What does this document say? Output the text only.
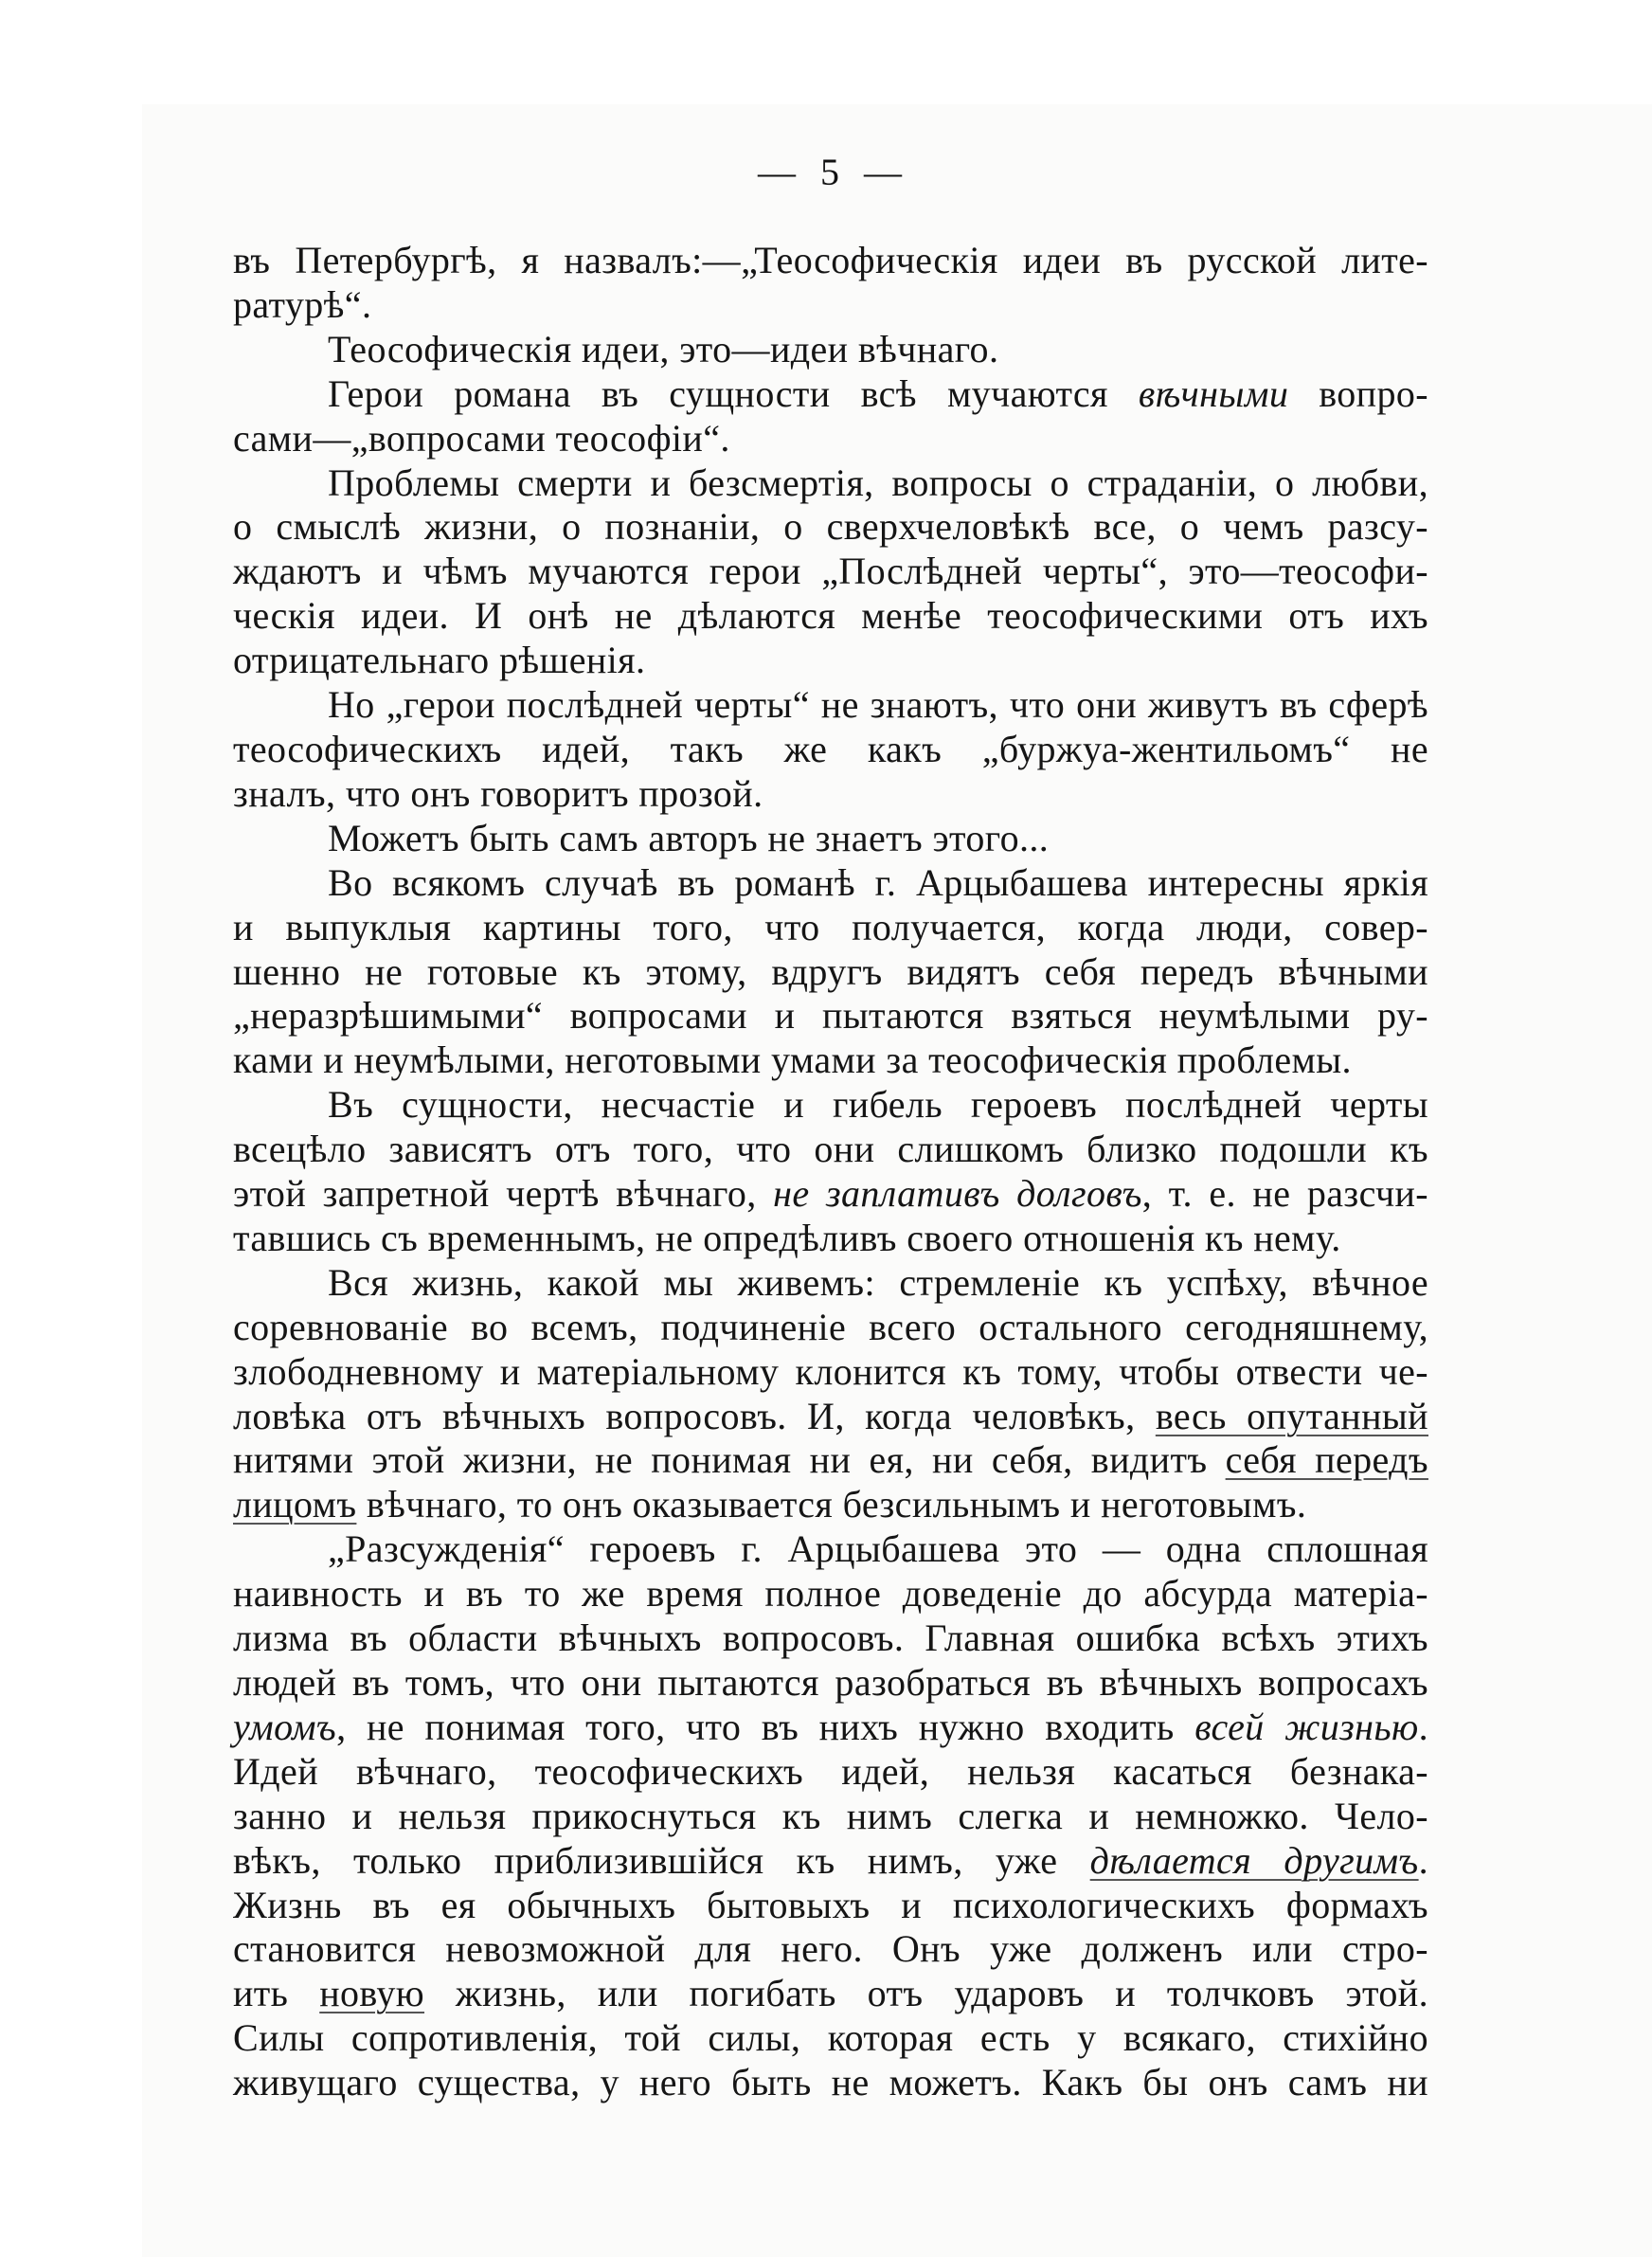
— 5 —

въ Петербургѣ, я назвалъ:—„Теософическія идеи въ русской лите-

ратурѣ“.

Теософическія идеи, это—идеи вѣчнаго.

Герои романа въ сущности всѣ мучаются вѣчными вопро-

сами—„вопросами теософіи“.

Проблемы смерти и безсмертія, вопросы о страданіи, о любви,

о смыслѣ жизни, о познаніи, о сверхчеловѣкѣ все, о чемъ разсу-

ждаютъ и чѣмъ мучаются герои „Послѣдней черты“, это—теософи-

ческія идеи. И онѣ не дѣлаются менѣе теософическими отъ ихъ

отрицательнаго рѣшенія.

Но „герои послѣдней черты“ не знаютъ, что они живутъ въ сферѣ

теософическихъ идей, такъ же какъ „буржуа-жентильомъ“ не

зналъ, что онъ говоритъ прозой.

Можетъ быть самъ авторъ не знаетъ этого...

Во всякомъ случаѣ въ романѣ г. Арцыбашева интересны яркія

и выпуклыя картины того, что получается, когда люди, совер-

шенно не готовые къ этому, вдругъ видятъ себя передъ вѣчными

„неразрѣшимыми“ вопросами и пытаются взяться неумѣлыми ру-

ками и неумѣлыми, неготовыми умами за теософическія проблемы.

Въ сущности, несчастіе и гибель героевъ послѣдней черты

всецѣло зависятъ отъ того, что они слишкомъ близко подошли къ

этой запретной чертѣ вѣчнаго, не заплативъ долговъ, т. е. не разсчи-

тавшись съ временнымъ, не опредѣливъ своего отношенія къ нему.

Вся жизнь, какой мы живемъ: стремленіе къ успѣху, вѣчное

соревнованіе во всемъ, подчиненіе всего остального сегодняшнему,

злободневному и матеріальному клонится къ тому, чтобы отвести че-

ловѣка отъ вѣчныхъ вопросовъ. И, когда человѣкъ, весь опутанный

нитями этой жизни, не понимая ни ея, ни себя, видитъ себя передъ

лицомъ вѣчнаго, то онъ оказывается безсильнымъ и неготовымъ.

„Разсужденія“ героевъ г. Арцыбашева это — одна сплошная

наивность и въ то же время полное доведеніе до абсурда матеріа-

лизма въ области вѣчныхъ вопросовъ. Главная ошибка всѣхъ этихъ

людей въ томъ, что они пытаются разобраться въ вѣчныхъ вопросахъ

умомъ, не понимая того, что въ нихъ нужно входить всей жизнью.

Идей вѣчнаго, теософическихъ идей, нельзя касаться безнака-

занно и нельзя прикоснуться къ нимъ слегка и немножко. Чело-

вѣкъ, только приблизившійся къ нимъ, уже дѣлается другимъ.

Жизнь въ ея обычныхъ бытовыхъ и психологическихъ формахъ

становится невозможной для него. Онъ уже долженъ или стро-

ить новую жизнь, или погибать отъ ударовъ и толчковъ этой.

Силы сопротивленія, той силы, которая есть у всякаго, стихійно

живущаго существа, у него быть не можетъ. Какъ бы онъ самъ ни
